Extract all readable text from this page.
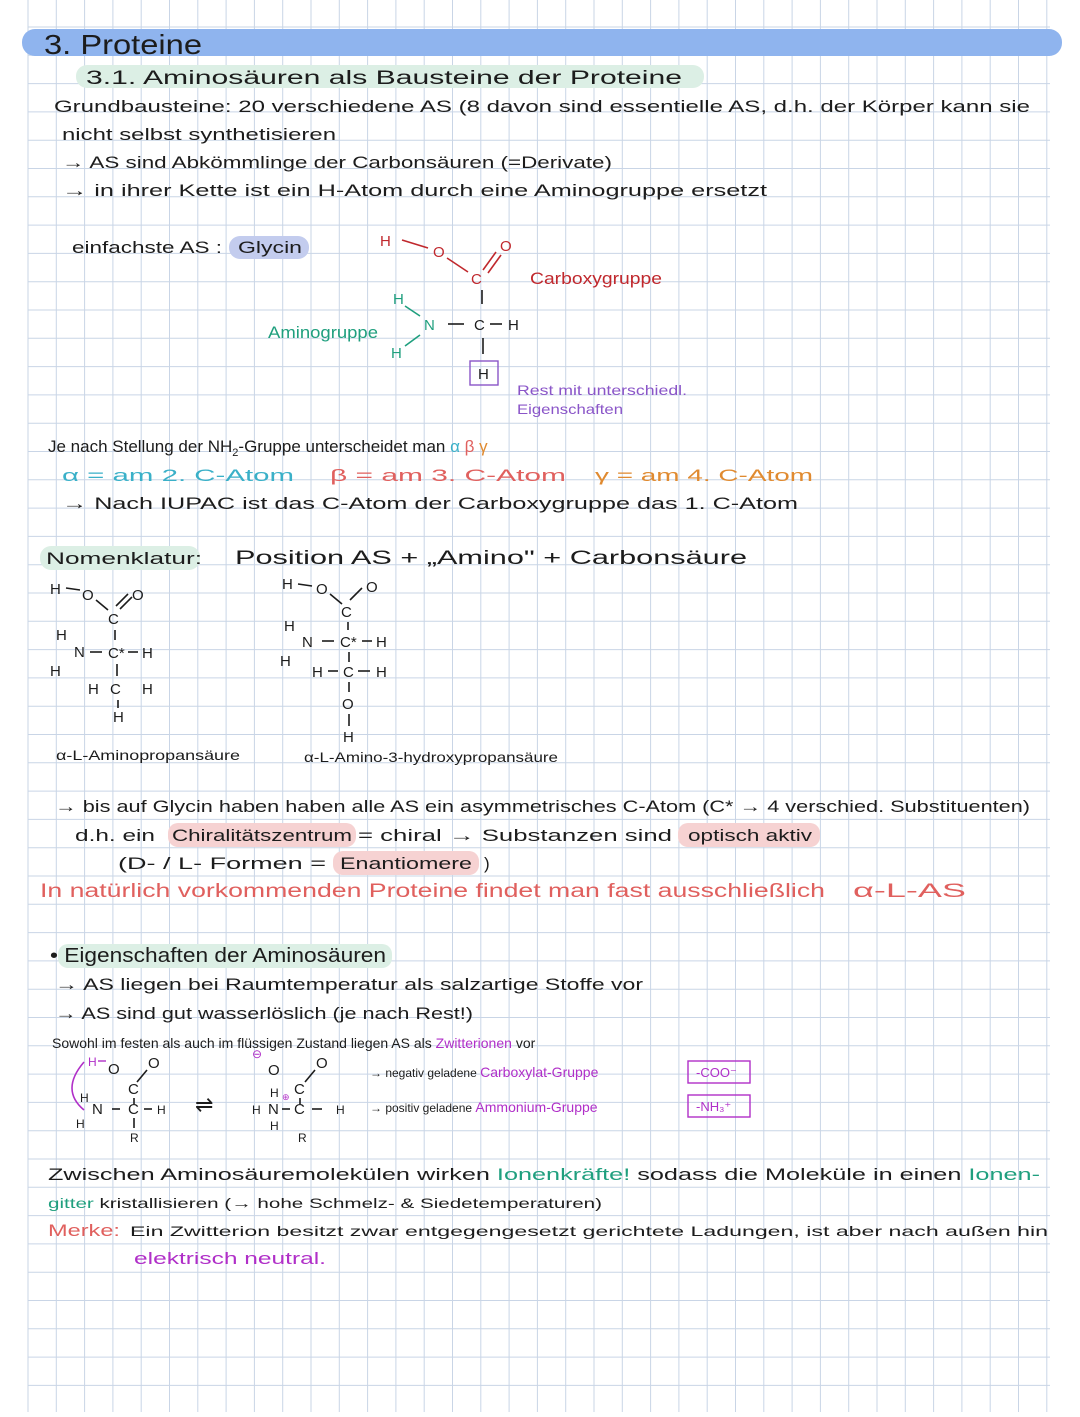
3. Proteine
3.1. Aminosäuren als Bausteine der Proteine
Grundbausteine: 20 verschiedene AS (8 davon sind essentielle AS, d.h. der Körper kann sie
nicht selbst synthetisieren
→ AS sind Abkömmlinge der Carbonsäuren (=Derivate)
→ in ihrer Kette ist ein H-Atom durch eine Aminogruppe ersetzt
einfachste AS : Glycin	H
O
C
O
H
N
H
C H
H
Carboxygruppe
Aminogruppe
Rest mit unterschiedl.
Eigenschaften
Je nach Stellung der $NH_2$-Gruppe unterscheidet man α β γ
α = am 2. C-Atom β = am 3. C-Atom γ = am 4. C-Atom
→ Nach IUPAC ist das C-Atom der Carboxygruppe das 1. C-Atom
Nomenklatur: Position AS + „Amino" + Carbonsäure
H O	O
C
H
N
H
C* H
H C H
H
H O	O
C
H
N
H
C* H
H C H
O
H
α-L-Aminopropansäure	α-L-Amino-3-hydroxypropansäure
→ bis auf Glycin haben haben alle AS ein asymmetrisches C-Atom (C* → 4 verschied. Substituenten)
d.h. ein Chiralitätszentrum = chiral → Substanzen sind optisch aktiv
(D- / L- Formen = Enantiomere )
In natürlich vorkommenden Proteine findet man fast ausschließlich α-L-AS
• Eigenschaften der Aminosäuren
→ AS liegen bei Raumtemperatur als salzartige Stoffe vor
→ AS sind gut wasserlöslich (je nach Rest!)
Sowohl im festen als auch im flüssigen Zustand liegen AS als Zwitterionen vor
H O O
C
H
N
H
C H
R
⇌
⊖
O O
C
H
H N
⊕
C	H
H
R
→ negativ geladene Carboxylat-Gruppe	-COO⁻
→ positiv geladene Ammonium-Gruppe	-NH₃⁺
Zwischen Aminosäuremolekülen wirken	Ionenkräfte!	sodass die Moleküle in einen	Ionen-
gitter kristallisieren (→ hohe Schmelz- & Siedetemperaturen)
Merke: Ein Zwitterion besitzt zwar entgegengesetzt gerichtete Ladungen, ist aber nach außen hin
elektrisch neutral.
